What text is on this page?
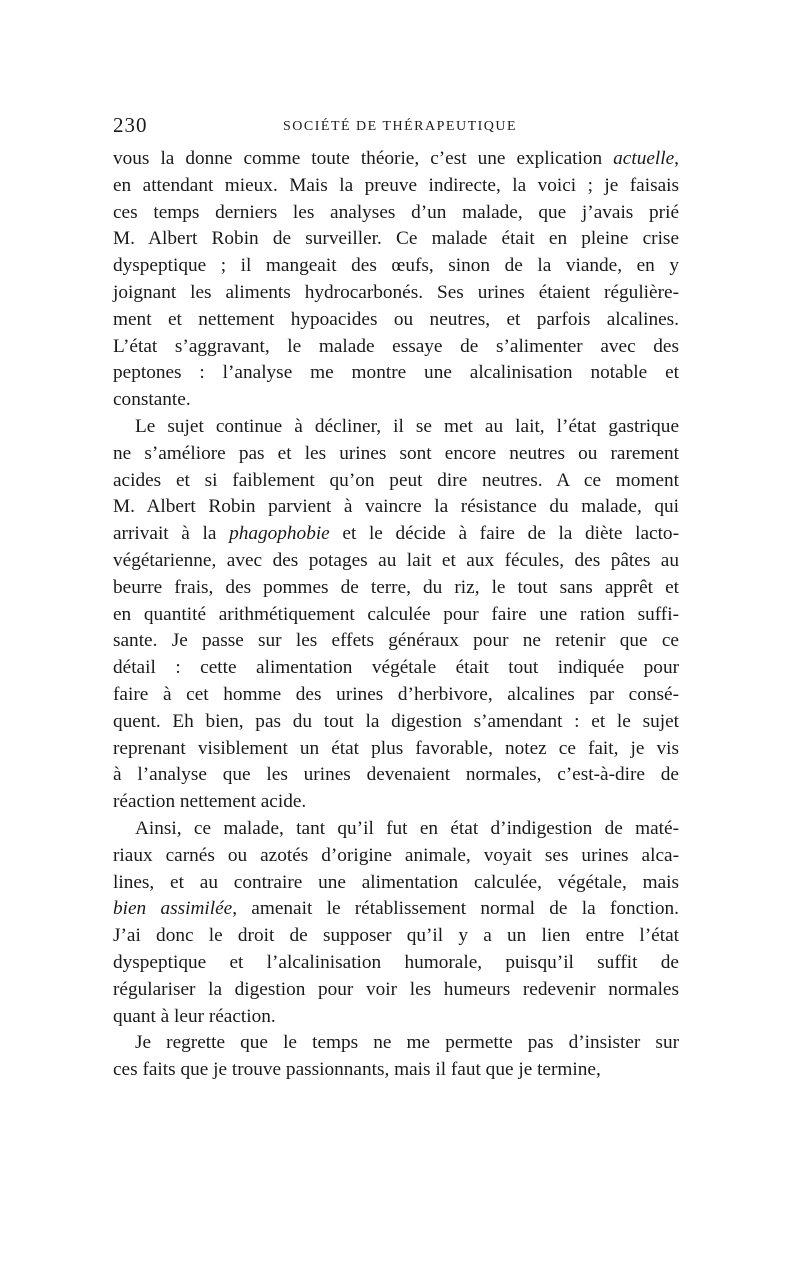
230	SOCIÉTÉ DE THÉRAPEUTIQUE
vous la donne comme toute théorie, c’est une explication actuelle,
en attendant mieux. Mais la preuve indirecte, la voici ; je faisais
ces temps derniers les analyses d’un malade, que j’avais prié
M. Albert Robin de surveiller. Ce malade était en pleine crise
dyspeptique ; il mangeait des œufs, sinon de la viande, en y
joignant les aliments hydrocarbonés. Ses urines étaient régulière-
ment et nettement hypoacides ou neutres, et parfois alcalines.
L’état s’aggravant, le malade essaye de s’alimenter avec des
peptones : l’analyse me montre une alcalinisation notable et
constante.
Le sujet continue à décliner, il se met au lait, l’état gastrique
ne s’améliore pas et les urines sont encore neutres ou rarement
acides et si faiblement qu’on peut dire neutres. A ce moment
M. Albert Robin parvient à vaincre la résistance du malade, qui
arrivait à la phagophobie et le décide à faire de la diète lacto-
végétarienne, avec des potages au lait et aux fécules, des pâtes au
beurre frais, des pommes de terre, du riz, le tout sans apprêt et
en quantité arithmétiquement calculée pour faire une ration suffi-
sante. Je passe sur les effets généraux pour ne retenir que ce
détail : cette alimentation végétale était tout indiquée pour
faire à cet homme des urines d’herbivore, alcalines par consé-
quent. Eh bien, pas du tout la digestion s’amendant : et le sujet
reprenant visiblement un état plus favorable, notez ce fait, je vis
à l’analyse que les urines devenaient normales, c’est-à-dire de
réaction nettement acide.
Ainsi, ce malade, tant qu’il fut en état d’indigestion de maté-
riaux carnés ou azotés d’origine animale, voyait ses urines alca-
lines, et au contraire une alimentation calculée, végétale, mais
bien assimilée, amenait le rétablissement normal de la fonction.
J’ai donc le droit de supposer qu’il y a un lien entre l’état
dyspeptique et l’alcalinisation humorale, puisqu’il suffit de
régulariser la digestion pour voir les humeurs redevenir normales
quant à leur réaction.
Je regrette que le temps ne me permette pas d’insister sur
ces faits que je trouve passionnants, mais il faut que je termine,
